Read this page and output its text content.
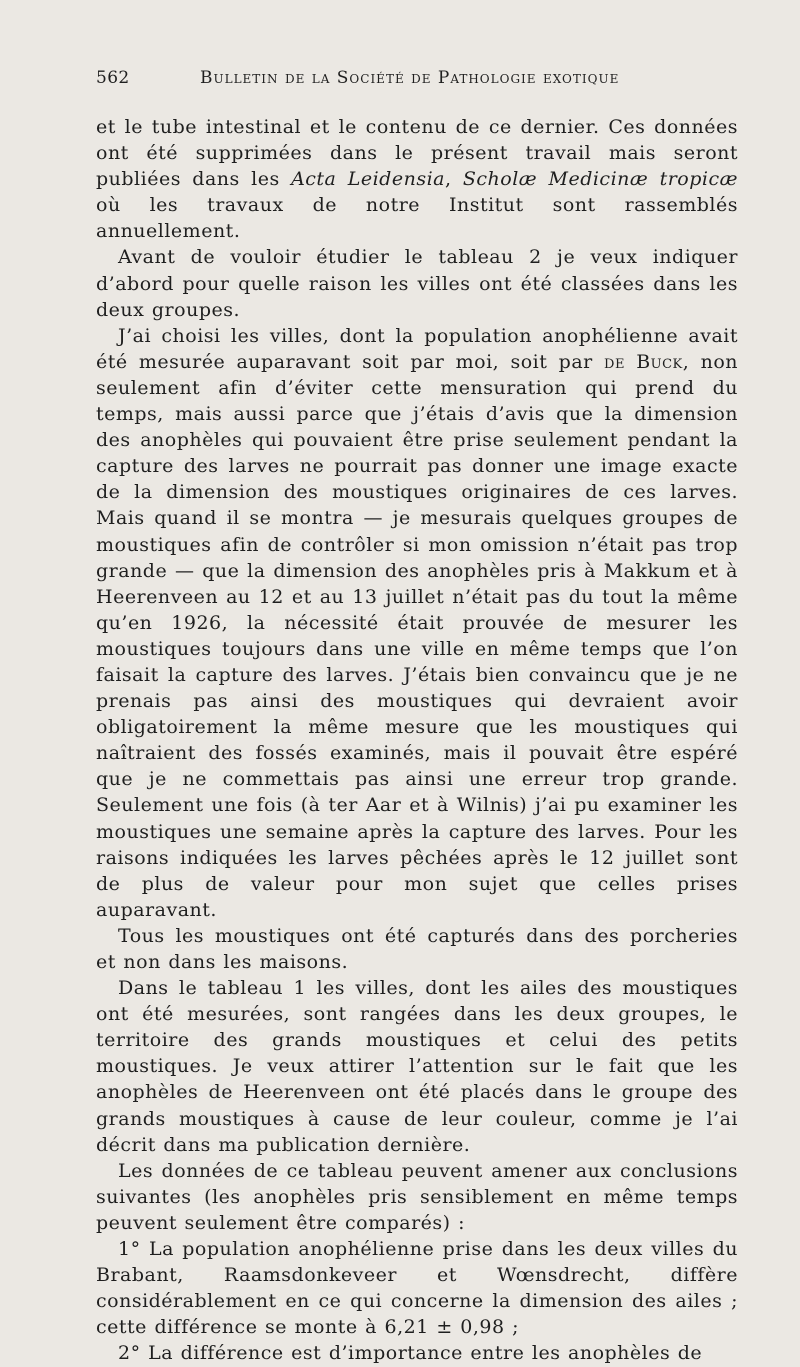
562	Bulletin de la Société de Pathologie exotique

et le tube intestinal et le contenu de ce dernier. Ces données ont été supprimées dans le présent travail mais seront publiées dans les Acta Leidensia, Scholæ Medicinæ tropicæ où les travaux de notre Institut sont rassemblés annuellement.

Avant de vouloir étudier le tableau 2 je veux indiquer d’abord pour quelle raison les villes ont été classées dans les deux groupes.

J’ai choisi les villes, dont la population anophélienne avait été mesurée auparavant soit par moi, soit par de Buck, non seulement afin d’éviter cette mensuration qui prend du temps, mais aussi parce que j’étais d’avis que la dimension des anophèles qui pouvaient être prise seulement pendant la capture des larves ne pourrait pas donner une image exacte de la dimension des moustiques originaires de ces larves. Mais quand il se montra — je mesurais quelques groupes de moustiques afin de contrôler si mon omission n’était pas trop grande — que la dimension des anophèles pris à Makkum et à Heerenveen au 12 et au 13 juillet n’était pas du tout la même qu’en 1926, la nécessité était prouvée de mesurer les moustiques toujours dans une ville en même temps que l’on faisait la capture des larves. J’étais bien convaincu que je ne prenais pas ainsi des moustiques qui devraient avoir obligatoirement la même mesure que les moustiques qui naîtraient des fossés examinés, mais il pouvait être espéré que je ne commettais pas ainsi une erreur trop grande. Seulement une fois (à ter Aar et à Wilnis) j’ai pu examiner les moustiques une semaine après la capture des larves. Pour les raisons indiquées les larves pêchées après le 12 juillet sont de plus de valeur pour mon sujet que celles prises auparavant.

Tous les moustiques ont été capturés dans des porcheries et non dans les maisons.

Dans le tableau 1 les villes, dont les ailes des moustiques ont été mesurées, sont rangées dans les deux groupes, le territoire des grands moustiques et celui des petits moustiques. Je veux attirer l’attention sur le fait que les anophèles de Heerenveen ont été placés dans le groupe des grands moustiques à cause de leur couleur, comme je l’ai décrit dans ma publication dernière.

Les données de ce tableau peuvent amener aux conclusions suivantes (les anophèles pris sensiblement en même temps peuvent seulement être comparés) :

1° La population anophélienne prise dans les deux villes du Brabant, Raamsdonkeveer et Wœnsdrecht, diffère considérablement en ce qui concerne la dimension des ailes ; cette différence se monte à 6,21 ± 0,98 ;

2° La différence est d’importance entre les anophèles de
